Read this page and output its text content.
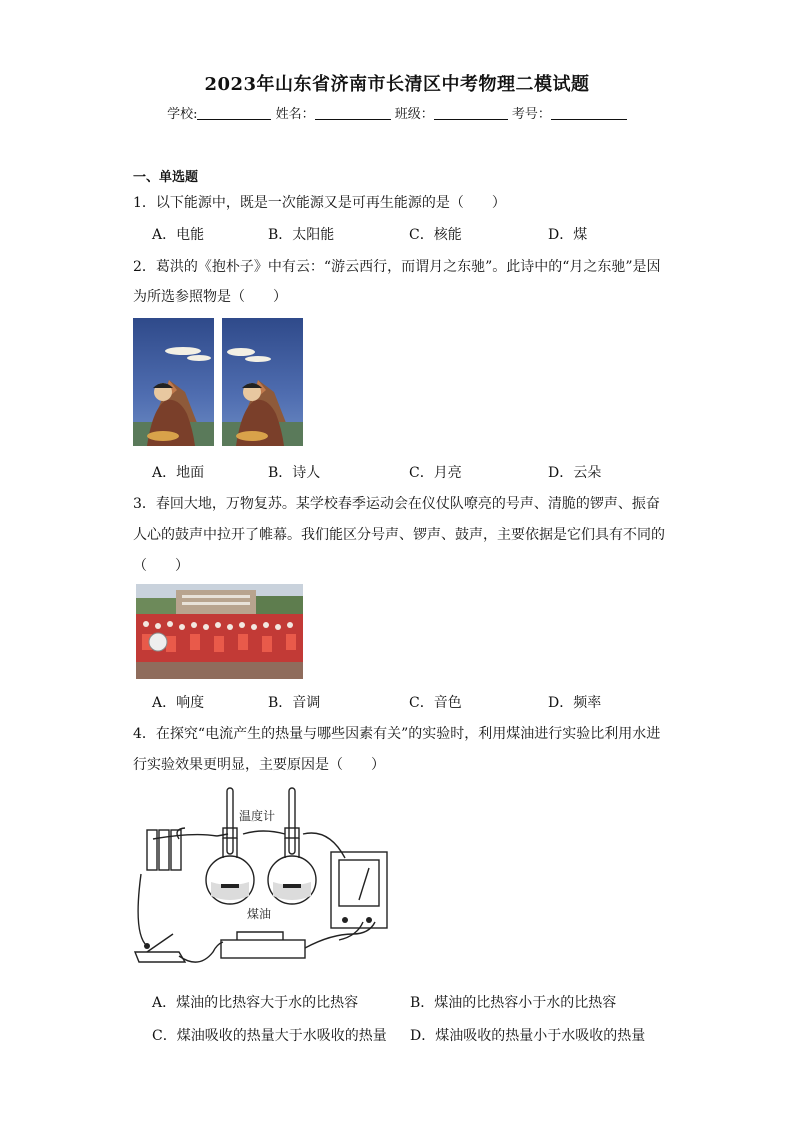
2023年山东省济南市长清区中考物理二模试题
学校:	姓名：	班级：	考号：
一、单选题
1．以下能源中，既是一次能源又是可再生能源的是（　　）
A．电能	B．太阳能	C．核能	D．煤
2．葛洪的《抱朴子》中有云：“游云西行，而谓月之东驰”。此诗中的“月之东驰”是因
为所选参照物是（　　）
A．地面	B．诗人	C．月亮	D．云朵
3．春回大地，万物复苏。某学校春季运动会在仪仗队嘹亮的号声、清脆的锣声、振奋
人心的鼓声中拉开了帷幕。我们能区分号声、锣声、鼓声，主要依据是它们具有不同的
（　　）
A．响度	B．音调	C．音色	D．频率
4．在探究“电流产生的热量与哪些因素有关”的实验时，利用煤油进行实验比利用水进
行实验效果更明显，主要原因是（　　）
温度计
煤油
A．煤油的比热容大于水的比热容	B．煤油的比热容小于水的比热容
C．煤油吸收的热量大于水吸收的热量 D．煤油吸收的热量小于水吸收的热量
